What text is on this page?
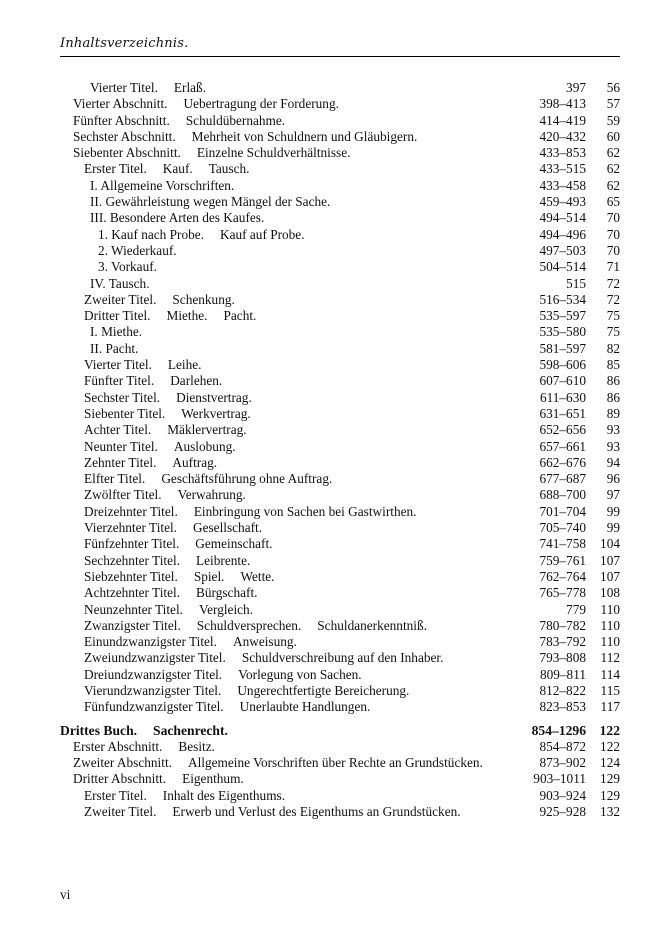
Inhaltsverzeichnis.
Vierter Titel. Erlaß.	397	56
Vierter Abschnitt. Uebertragung der Forderung.	398–413	57
Fünfter Abschnitt. Schuldübernahme.	414–419	59
Sechster Abschnitt. Mehrheit von Schuldnern und Gläubigern.	420–432	60
Siebenter Abschnitt. Einzelne Schuldverhältnisse.	433–853	62
Erster Titel. Kauf. Tausch.	433–515	62
I. Allgemeine Vorschriften.	433–458	62
II. Gewährleistung wegen Mängel der Sache.	459–493	65
III. Besondere Arten des Kaufes.	494–514	70
1. Kauf nach Probe. Kauf auf Probe.	494–496	70
2. Wiederkauf.	497–503	70
3. Vorkauf.	504–514	71
IV. Tausch.	515	72
Zweiter Titel. Schenkung.	516–534	72
Dritter Titel. Miethe. Pacht.	535–597	75
I. Miethe.	535–580	75
II. Pacht.	581–597	82
Vierter Titel. Leihe.	598–606	85
Fünfter Titel. Darlehen.	607–610	86
Sechster Titel. Dienstvertrag.	611–630	86
Siebenter Titel. Werkvertrag.	631–651	89
Achter Titel. Mäklervertrag.	652–656	93
Neunter Titel. Auslobung.	657–661	93
Zehnter Titel. Auftrag.	662–676	94
Elfter Titel. Geschäftsführung ohne Auftrag.	677–687	96
Zwölfter Titel. Verwahrung.	688–700	97
Dreizehnter Titel. Einbringung von Sachen bei Gastwirthen.	701–704	99
Vierzehnter Titel. Gesellschaft.	705–740	99
Fünfzehnter Titel. Gemeinschaft.	741–758	104
Sechzehnter Titel. Leibrente.	759–761	107
Siebzehnter Titel. Spiel. Wette.	762–764	107
Achtzehnter Titel. Bürgschaft.	765–778	108
Neunzehnter Titel. Vergleich.	779	110
Zwanzigster Titel. Schuldversprechen. Schuldanerkenntniß.	780–782	110
Einundzwanzigster Titel. Anweisung.	783–792	110
Zweiundzwanzigster Titel. Schuldverschreibung auf den Inhaber.	793–808	112
Dreiundzwanzigster Titel. Vorlegung von Sachen.	809–811	114
Vierundzwanzigster Titel. Ungerechtfertigte Bereicherung.	812–822	115
Fünfundzwanzigster Titel. Unerlaubte Handlungen.	823–853	117
Drittes Buch. Sachenrecht.	854–1296	122
Erster Abschnitt. Besitz.	854–872	122
Zweiter Abschnitt. Allgemeine Vorschriften über Rechte an Grundstücken.	873–902	124
Dritter Abschnitt. Eigenthum.	903–1011	129
Erster Titel. Inhalt des Eigenthums.	903–924	129
Zweiter Titel. Erwerb und Verlust des Eigenthums an Grundstücken.	925–928	132
vi
